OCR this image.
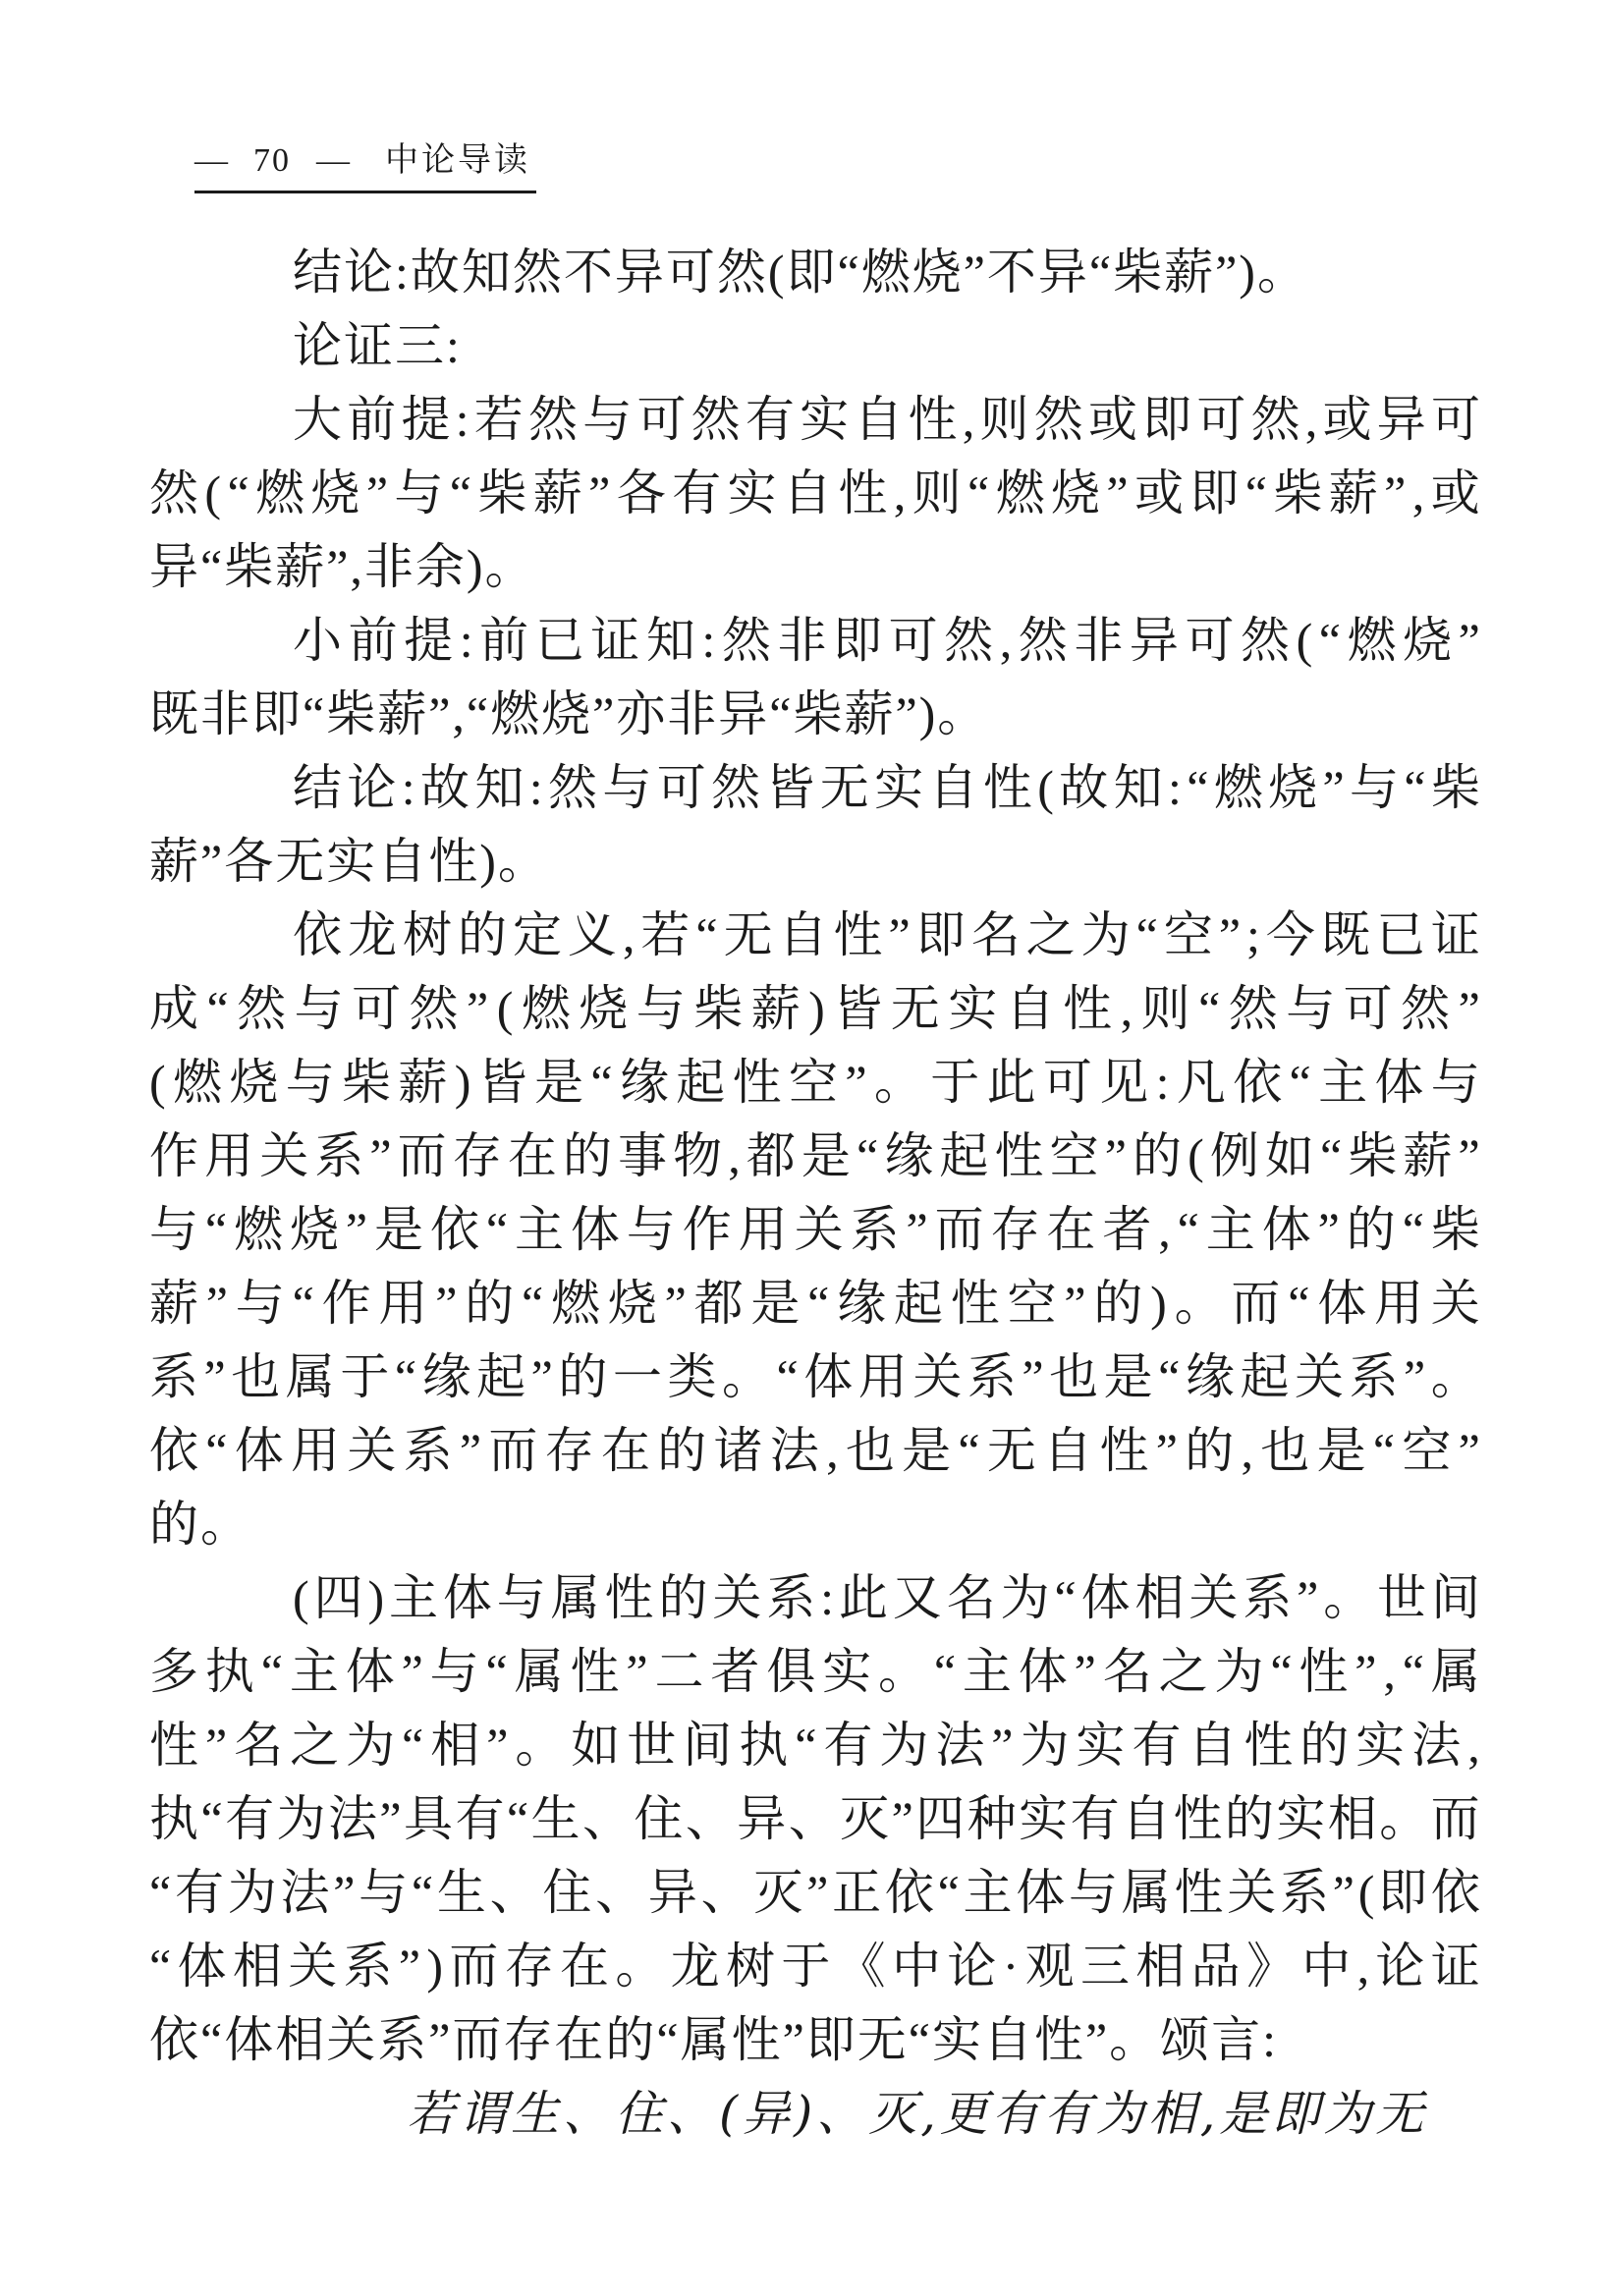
— 70 — 中论导读
结论:故知然不异可然(即“燃烧”不异“柴薪”)。
论证三:
大 前 提 : 若 然 与 可 然 有 实 自 性 , 则 然 或 即 可 然 , 或 异 可
然 ( “ 燃 烧 ” 与 “ 柴 薪 ” 各 有 实 自 性 , 则 “ 燃 烧 ” 或 即 “ 柴 薪 ” , 或
异“柴薪”,非余)。
小 前 提 : 前 已 证 知 : 然 非 即 可 然 , 然 非 异 可 然 ( “ 燃 烧 ”
既非即“柴薪”,“燃烧”亦非异“柴薪”)。
结 论 : 故 知 : 然 与 可 然 皆 无 实 自 性 ( 故 知 : “ 燃 烧 ” 与 “ 柴
薪”各无实自性)。
依 龙 树 的 定 义 , 若 “ 无 自 性 ” 即 名 之 为 “ 空 ” ; 今 既 已 证
成 “ 然 与 可 然 ” ( 燃 烧 与 柴 薪 ) 皆 无 实 自 性 , 则 “ 然 与 可 然 ”
( 燃 烧 与 柴 薪 ) 皆 是 “ 缘 起 性 空 ” 。 于 此 可 见 : 凡 依 “ 主 体 与
作 用 关 系 ” 而 存 在 的 事 物 , 都 是 “ 缘 起 性 空 ” 的 ( 例 如 “ 柴 薪 ”
与 “ 燃 烧 ” 是 依 “ 主 体 与 作 用 关 系 ” 而 存 在 者 , “ 主 体 ” 的 “ 柴
薪 ” 与 “ 作 用 ” 的 “ 燃 烧 ” 都 是 “ 缘 起 性 空 ” 的 ) 。 而 “ 体 用 关
系 ” 也 属 于 “ 缘 起 ” 的 一 类 。 “ 体 用 关 系 ” 也 是 “ 缘 起 关 系 ” 。
依 “ 体 用 关 系 ” 而 存 在 的 诸 法 , 也 是 “ 无 自 性 ” 的 , 也 是 “ 空 ”
的。
( 四 ) 主 体 与 属 性 的 关 系 : 此 又 名 为 “ 体 相 关 系 ” 。 世 间
多 执 “ 主 体 ” 与 “ 属 性 ” 二 者 俱 实 。 “ 主 体 ” 名 之 为 “ 性 ” , “ 属
性 ” 名 之 为 “ 相 ” 。 如 世 间 执 “ 有 为 法 ” 为 实 有 自 性 的 实 法 ,
执 “ 有 为 法 ” 具 有 “ 生 、 住 、 异 、 灭 ” 四 种 实 有 自 性 的 实 相 。 而
“ 有 为 法 ” 与 “ 生 、 住 、 异 、 灭 ” 正 依 “ 主 体 与 属 性 关 系 ” ( 即 依
“ 体 相 关 系 ” ) 而 存 在 。 龙 树 于 《 中 论 · 观 三 相 品 》 中 , 论 证
依“体相关系”而存在的“属性”即无“实自性”。颂言:
若谓生、住、(异)、灭,更有有为相,是即为无
